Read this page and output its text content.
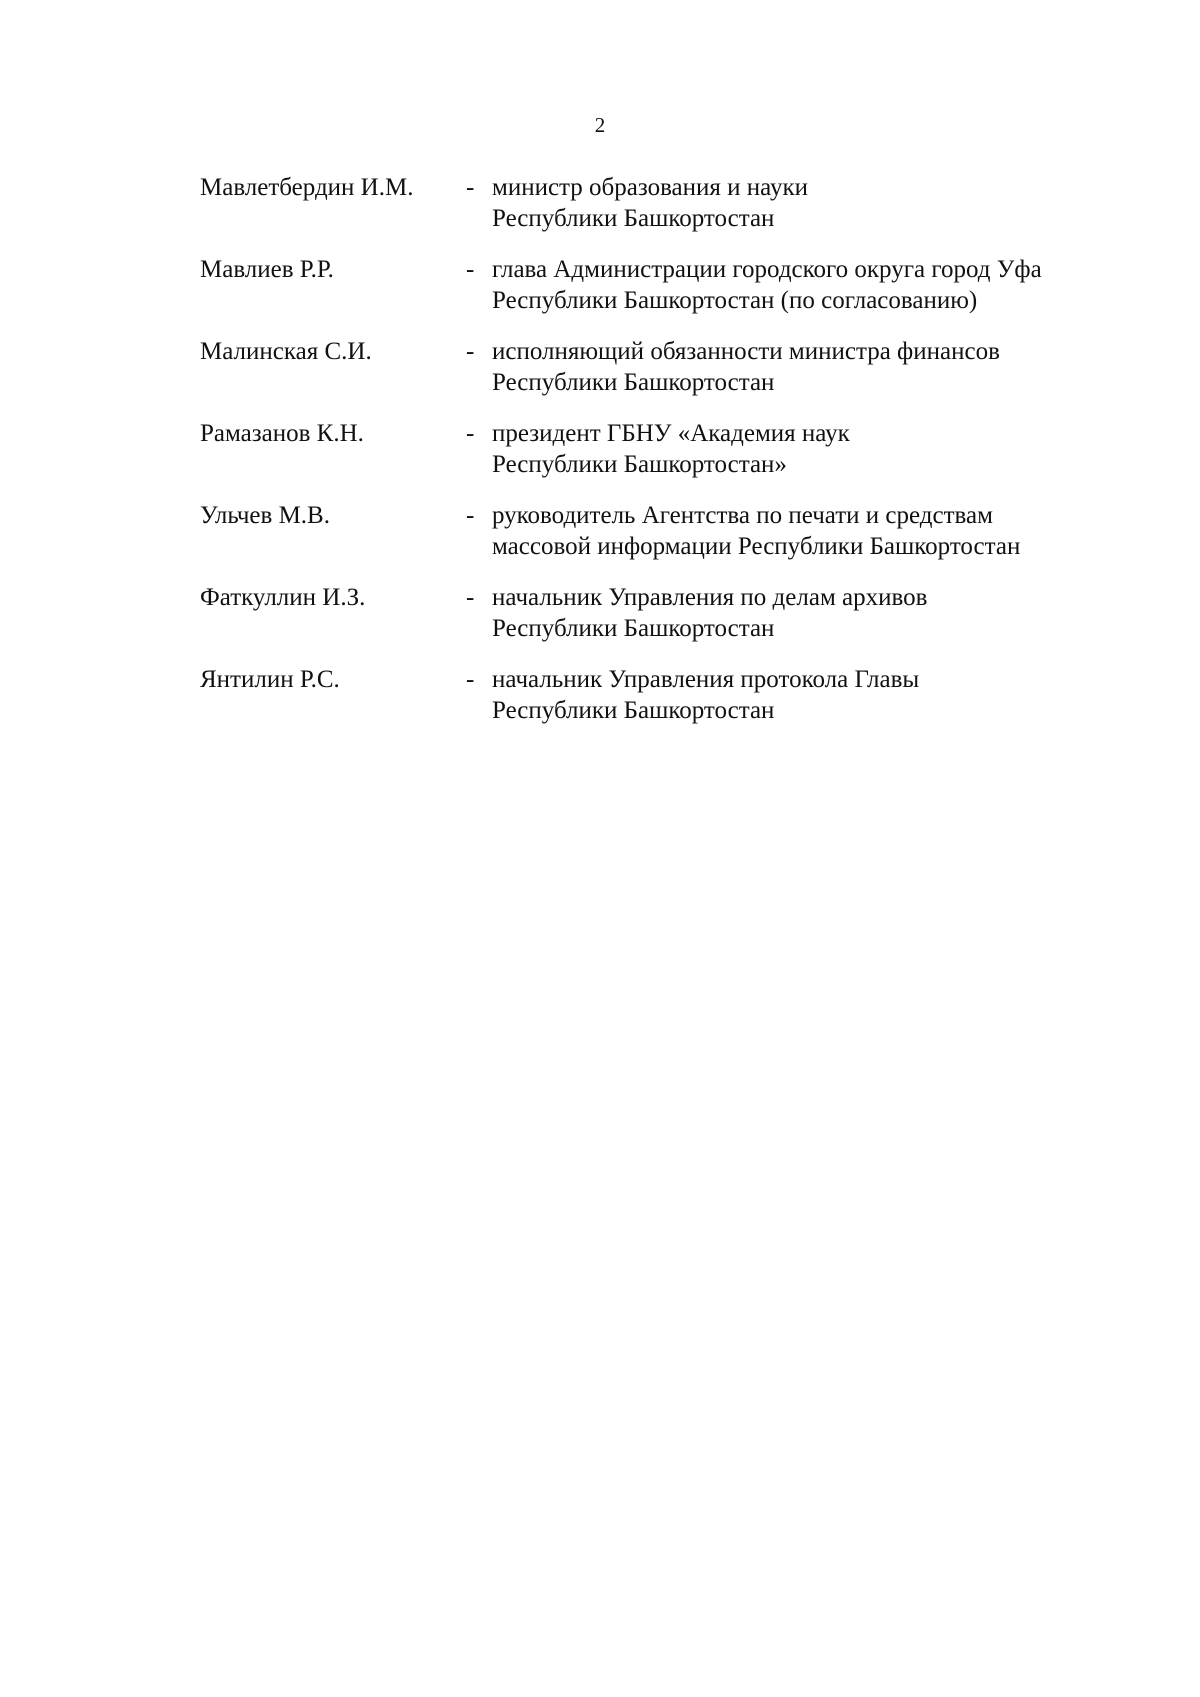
2
Мавлетбердин И.М. - министр образования и науки
Республики Башкортостан
Мавлиев Р.Р.	- глава Администрации городского округа город Уфа
Республики Башкортостан (по согласованию)
Малинская С.И.	- исполняющий обязанности министра финансов
Республики Башкортостан
Рамазанов К.Н.	- президент ГБНУ «Академия наук
Республики Башкортостан»
Ульчев М.В.	- руководитель Агентства по печати и средствам
массовой информации Республики Башкортостан
Фаткуллин И.З.	- начальник Управления по делам архивов
Республики Башкортостан
Янтилин Р.С.	- начальник Управления протокола Главы
Республики Башкортостан
